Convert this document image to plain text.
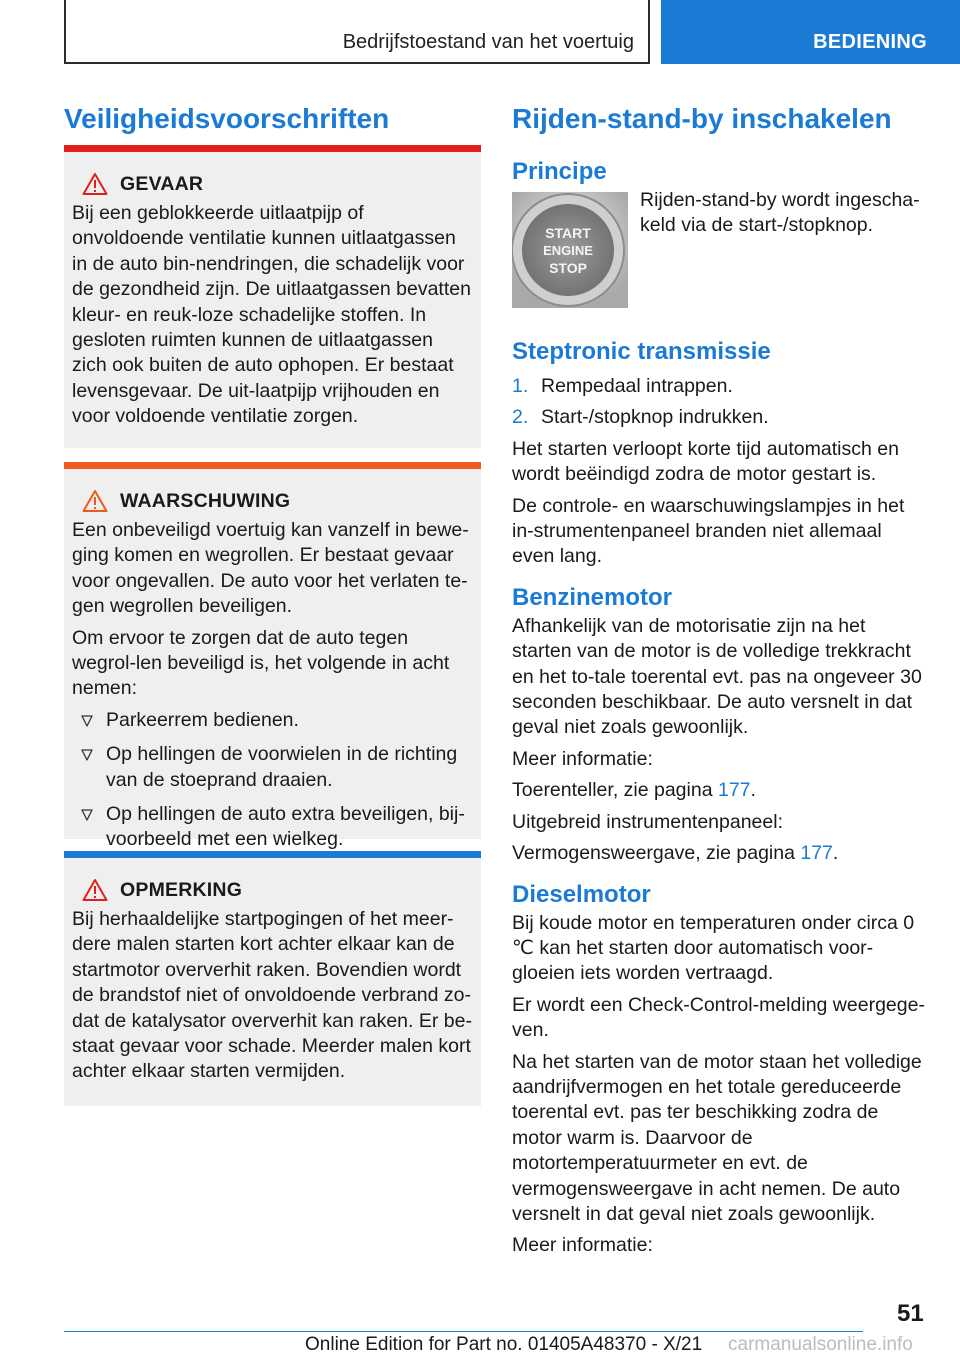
Bedrijfstoestand van het voertuig	BEDIENING
Veiligheidsvoorschriften
GEVAAR

Bij een geblokkeerde uitlaatpijp of onvoldoende ventilatie kunnen uitlaatgassen in de auto bin-nendringen, die schadelijk voor de gezondheid zijn. De uitlaatgassen bevatten kleur- en reuk-loze schadelijke stoffen. In gesloten ruimten kunnen de uitlaatgassen zich ook buiten de auto ophopen. Er bestaat levensgevaar. De uit-laatpijp vrijhouden en voor voldoende ventilatie zorgen.

WAARSCHUWING

Een onbeveiligd voertuig kan vanzelf in bewe-ging komen en wegrollen. Er bestaat gevaar voor ongevallen. De auto voor het verlaten te-gen wegrollen beveiligen.

Om ervoor te zorgen dat de auto tegen wegrol-len beveiligd is, het volgende in acht nemen:

Parkeerrem bedienen.
Op hellingen de voorwielen in de richting van de stoeprand draaien.
Op hellingen de auto extra beveiligen, bij-voorbeeld met een wielkeg.
OPMERKING

Bij herhaaldelijke startpogingen of het meer-dere malen starten kort achter elkaar kan de startmotor oververhit raken. Bovendien wordt de brandstof niet of onvoldoende verbrand zo-dat de katalysator oververhit kan raken. Er be-staat gevaar voor schade. Meerder malen kort achter elkaar starten vermijden.

Rijden-stand-by inschakelen
Principe
START
ENGINE
STOP

Rijden-stand-by wordt ingescha-keld via de start-/stopknop.

Steptronic transmissie
1. Rempedaal intrappen.
2. Start-/stopknop indrukken.

Het starten verloopt korte tijd automatisch en wordt beëindigd zodra de motor gestart is.

De controle- en waarschuwingslampjes in het in-strumentenpaneel branden niet allemaal even lang.

Benzinemotor

Afhankelijk van de motorisatie zijn na het starten van de motor is de volledige trekkracht en het to-tale toerental evt. pas na ongeveer 30 seconden beschikbaar. De auto versnelt in dat geval niet zoals gewoonlijk.

Meer informatie:

Toerenteller, zie pagina 177.

Uitgebreid instrumentenpaneel:

Vermogensweergave, zie pagina 177.

Dieselmotor

Bij koude motor en temperaturen onder circa 0 ℃ kan het starten door automatisch voor-gloeien iets worden vertraagd.

Er wordt een Check-Control-melding weergege-ven.

Na het starten van de motor staan het volledige aandrijfvermogen en het totale gereduceerde toerental evt. pas ter beschikking zodra de motor warm is. Daarvoor de motortemperatuurmeter en evt. de vermogensweergave in acht nemen. De auto versnelt in dat geval niet zoals gewoonlijk.

Meer informatie:

51
Online Edition for Part no. 01405A48370 - X/21 carmanualsonline.info
